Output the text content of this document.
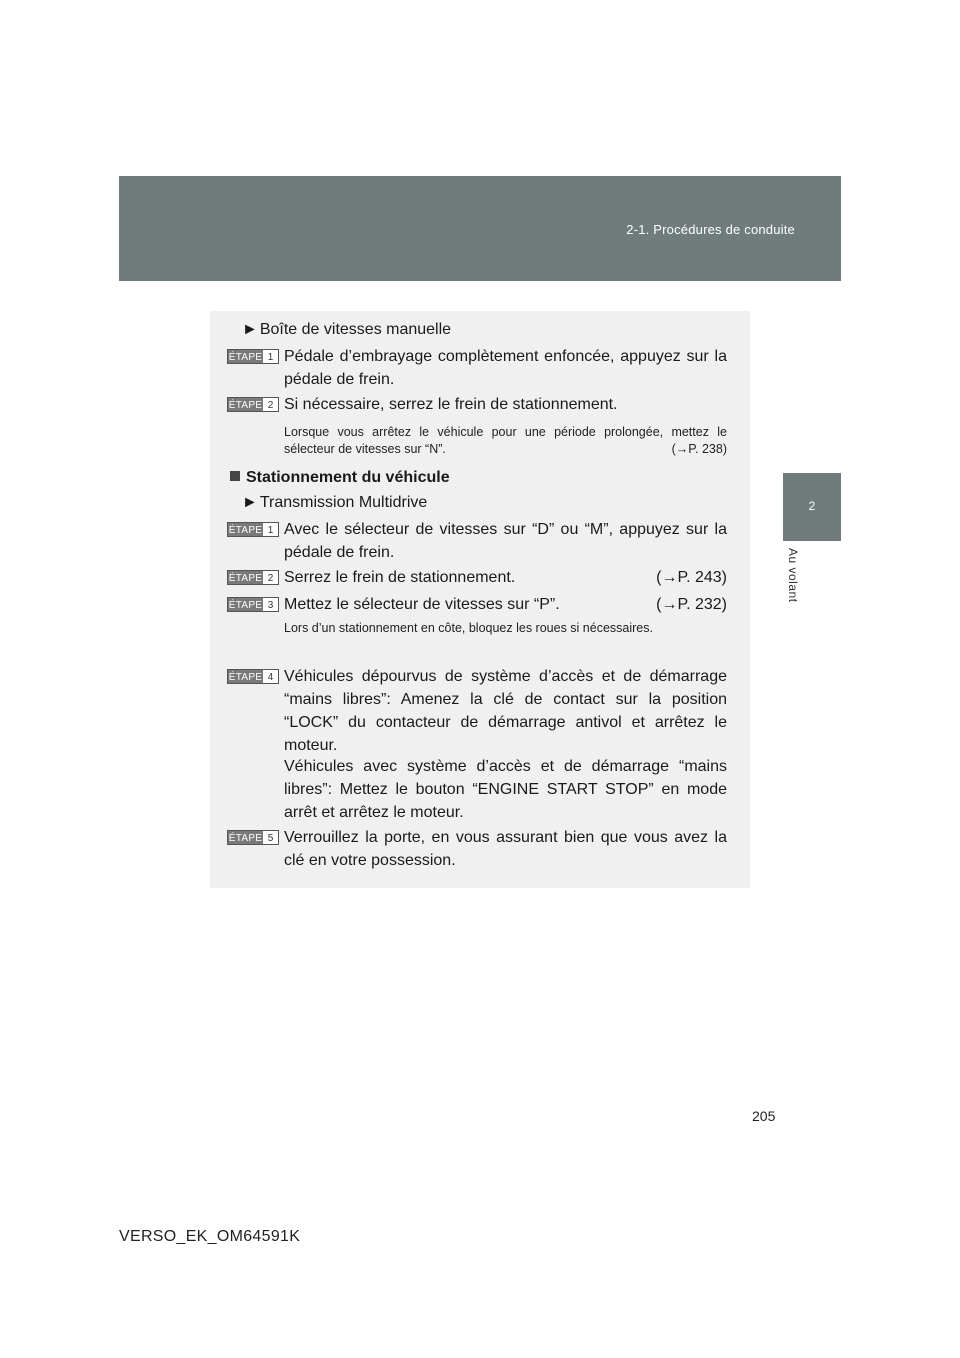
2-1. Procédures de conduite
2
Au volant
► Boîte de vitesses manuelle
ÉTAPE 1 Pédale d’embrayage complètement enfoncée, appuyez sur la pédale de frein.
ÉTAPE 2 Si nécessaire, serrez le frein de stationnement.
Lorsque vous arrêtez le véhicule pour une période prolongée, mettez le sélecteur de vitesses sur “N”.	(→P. 238)
Stationnement du véhicule
► Transmission Multidrive
ÉTAPE 1 Avec le sélecteur de vitesses sur “D” ou “M”, appuyez sur la pédale de frein.
ÉTAPE 2 Serrez le frein de stationnement.	(→P. 243)
ÉTAPE 3 Mettez le sélecteur de vitesses sur “P”.	(→P. 232)
Lors d’un stationnement en côte, bloquez les roues si nécessaires.
ÉTAPE 4 Véhicules dépourvus de système d’accès et de démarrage “mains libres”: Amenez la clé de contact sur la position “LOCK” du contacteur de démarrage antivol et arrêtez le moteur.
Véhicules avec système d’accès et de démarrage “mains libres”: Mettez le bouton “ENGINE START STOP” en mode arrêt et arrêtez le moteur.
ÉTAPE 5 Verrouillez la porte, en vous assurant bien que vous avez la clé en votre possession.
205
VERSO_EK_OM64591K
